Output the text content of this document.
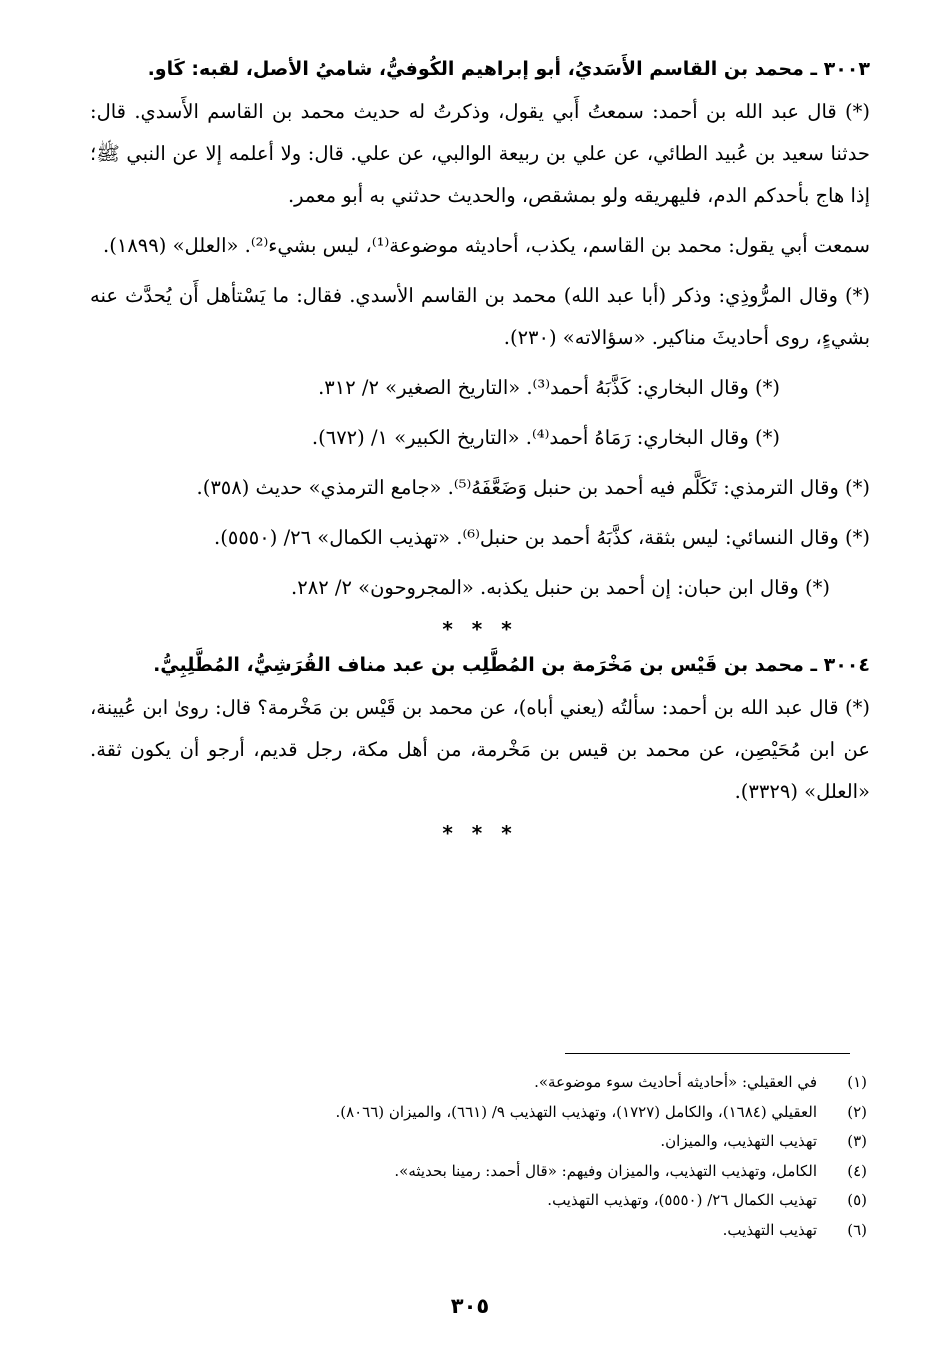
٣٠٠٣ ـ محمد بن القاسم الأَسَديُ، أبو إبراهيم الكُوفيُّ، شاميُ الأصل، لقبه: كَاو.

(*) قال عبد الله بن أحمد: سمعتُ أَبي يقول، وذكرتُ له حديث محمد بن القاسم الأَسدي. قال: حدثنا سعيد بن عُبيد الطائي، عن علي بن ربيعة الوالبي، عن علي. قال: ولا أعلمه إلا عن النبي ﷺ؛ إذا هاج بأحدكم الدم، فليهريقه ولو بمشقص، والحديث حدثني به أبو معمر.

سمعت أبي يقول: محمد بن القاسم، يكذب، أحاديثه موضوعة⁽¹⁾، ليس بشيء⁽²⁾. «العلل» (١٨٩٩).

(*) وقال المرُّوذِي: وذكر (أبا عبد الله) محمد بن القاسم الأسدي. فقال: ما يَسْتأهل أَن يُحدَّث عنه بشيءٍ، روى أحاديثَ مناكير. «سؤالاته» (٢٣٠).

(*) وقال البخاري: كَذَّبَهُ أحمد⁽³⁾. «التاريخ الصغير» ٢/ ٣١٢.

(*) وقال البخاري: رَمَاهُ أحمد⁽⁴⁾. «التاريخ الكبير» ١/ (٦٧٢).

(*) وقال الترمذي: تَكَلَّم فيه أحمد بن حنبل وَضَعَّفَهُ⁽⁵⁾. «جامع الترمذي» حديث (٣٥٨).

(*) وقال النسائي: ليس بثقة، كذَّبَهُ أحمد بن حنبل⁽⁶⁾. «تهذيب الكمال» ٢٦/ (٥٥٥٠).

(*) وقال ابن حبان: إن أحمد بن حنبل يكذبه. «المجروحون» ٢/ ٢٨٢.

* * *
٣٠٠٤ ـ محمد بن قَيْس بن مَخْرَمة بن المُطَّلِب بن عبد مناف القُرَشِيُّ، المُطَّلِبِيُّ.

(*) قال عبد الله بن أحمد: سألتُه (يعني أباه)، عن محمد بن قَيْس بن مَخْرمة؟ قال: روىٰ ابن عُيينة، عن ابن مُحَيْصِن، عن محمد بن قيس بن مَخْرمة، من أهل مكة، رجل قديم، أرجو أن يكون ثقة. «العلل» (٣٣٢٩).

* * *
(١)
في العقيلي: «أحاديثه أحاديث سوء موضوعة».
(٢)
العقيلي (١٦٨٤)، والكامل (١٧٢٧)، وتهذيب التهذيب ٩/ (٦٦١)، والميزان (٨٠٦٦).
(٣)
تهذيب التهذيب، والميزان.
(٤)
الكامل، وتهذيب التهذيب، والميزان وفيهم: «قال أحمد: رمينا بحديثه».
(٥)
تهذيب الكمال ٢٦/ (٥٥٥٠)، وتهذيب التهذيب.
(٦)
تهذيب التهذيب.
٣٠٥
